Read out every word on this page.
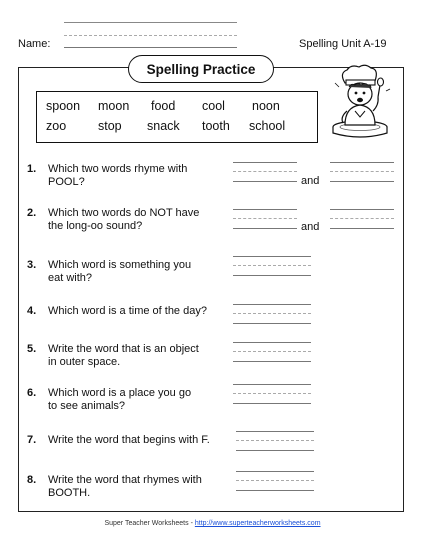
Name:	Spelling Unit A-19
Spelling Practice
spoon moon food cool noon
zoo	stop snack tooth school
1. Which two words rhyme with
POOL?	and
2. Which two words do NOT have
the long-oo sound?	and
3. Which word is something you
eat with?
4. Which word is a time of the day?
5. Write the word that is an object
in outer space.
6. Which word is a place you go
to see animals?
7. Write the word that begins with F.
8. Write the word that rhymes with
BOOTH.
Super Teacher Worksheets - http://www.superteacherworksheets.com
